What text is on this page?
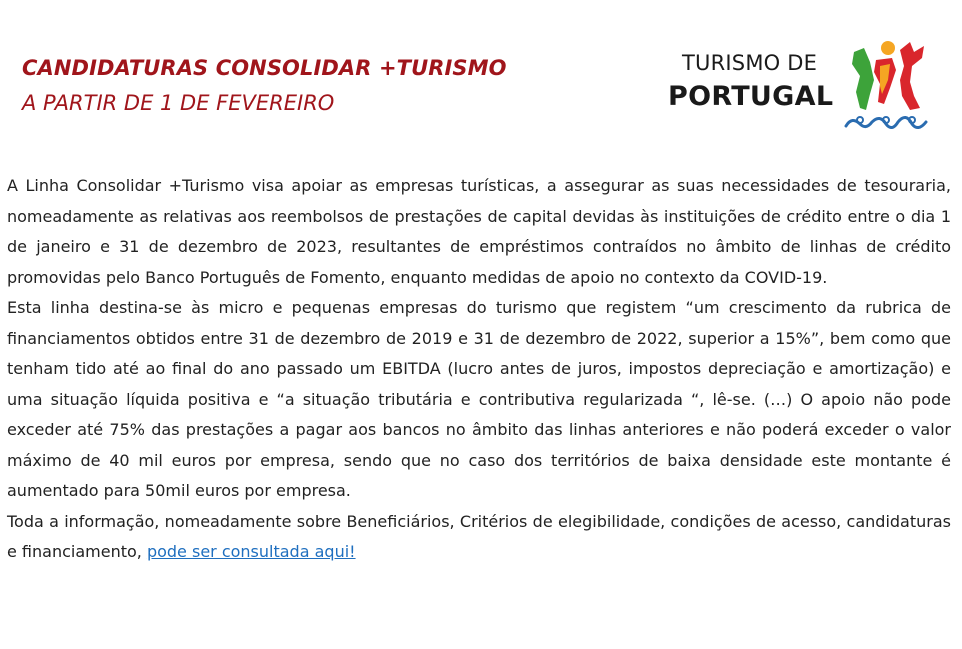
CANDIDATURAS CONSOLIDAR +TURISMO
A PARTIR DE 1 DE FEVEREIRO
TURISMO DE
PORTUGAL

A Linha Consolidar +Turismo visa apoiar as empresas turísticas, a assegurar as suas necessidades de tesouraria, nomeadamente as relativas aos reembolsos de prestações de capital devidas às instituições de crédito entre o dia 1 de janeiro e 31 de dezembro de 2023, resultantes de empréstimos contraídos no âmbito de linhas de crédito promovidas pelo Banco Português de Fomento, enquanto medidas de apoio no contexto da COVID-19.

Esta linha destina-se às micro e pequenas empresas do turismo que registem “um crescimento da rubrica de financiamentos obtidos entre 31 de dezembro de 2019 e 31 de dezembro de 2022, superior a 15%”, bem como que tenham tido até ao final do ano passado um EBITDA (lucro antes de juros, impostos depreciação e amortização) e uma situação líquida positiva e “a situação tributária e contributiva regularizada “, lê-se. (…) O apoio não pode exceder até 75% das prestações a pagar aos bancos no âmbito das linhas anteriores e não poderá exceder o valor máximo de 40 mil euros por empresa, sendo que no caso dos territórios de baixa densidade este montante é aumentado para 50mil euros por empresa.

Toda a informação, nomeadamente sobre Beneficiários, Critérios de elegibilidade, condições de acesso, candidaturas e financiamento, pode ser consultada aqui!
